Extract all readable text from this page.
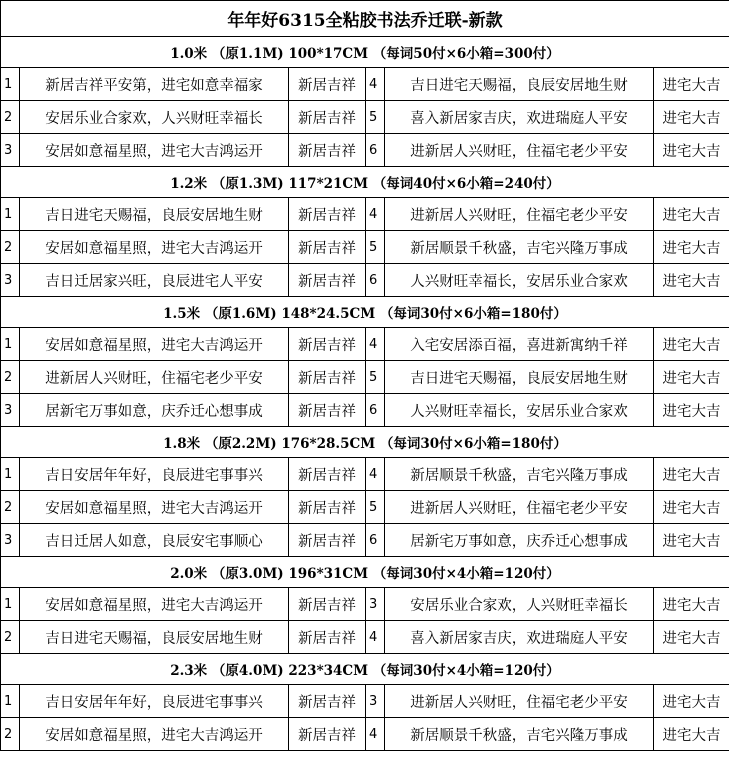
年年好6315全粘胶书法乔迁联-新款					
1.0米 （原1.1M) 100*17CM （每词50付×6小箱=300付）					
1	新居吉祥平安第，进宅如意幸福家	新居吉祥	4	吉日进宅天赐福，良辰安居地生财	进宅大吉
2	安居乐业合家欢，人兴财旺幸福长	新居吉祥	5	喜入新居家吉庆，欢进瑞庭人平安	进宅大吉
3	安居如意福星照，进宅大吉鸿运开	新居吉祥	6	进新居人兴财旺，住福宅老少平安	进宅大吉
1.2米 （原1.3M) 117*21CM （每词40付×6小箱=240付）					
1	吉日进宅天赐福，良辰安居地生财	新居吉祥	4	进新居人兴财旺，住福宅老少平安	进宅大吉
2	安居如意福星照，进宅大吉鸿运开	新居吉祥	5	新居顺景千秋盛，吉宅兴隆万事成	进宅大吉
3	吉日迁居家兴旺，良辰进宅人平安	新居吉祥	6	人兴财旺幸福长，安居乐业合家欢	进宅大吉
1.5米 （原1.6M) 148*24.5CM （每词30付×6小箱=180付）					
1	安居如意福星照，进宅大吉鸿运开	新居吉祥	4	入宅安居添百福，喜进新寓纳千祥	进宅大吉
2	进新居人兴财旺，住福宅老少平安	新居吉祥	5	吉日进宅天赐福，良辰安居地生财	进宅大吉
3	居新宅万事如意，庆乔迁心想事成	新居吉祥	6	人兴财旺幸福长，安居乐业合家欢	进宅大吉
1.8米 （原2.2M) 176*28.5CM （每词30付×6小箱=180付）					
1	吉日安居年年好，良辰进宅事事兴	新居吉祥	4	新居顺景千秋盛，吉宅兴隆万事成	进宅大吉
2	安居如意福星照，进宅大吉鸿运开	新居吉祥	5	进新居人兴财旺，住福宅老少平安	进宅大吉
3	吉日迁居人如意，良辰安宅事顺心	新居吉祥	6	居新宅万事如意，庆乔迁心想事成	进宅大吉
2.0米 （原3.0M) 196*31CM （每词30付×4小箱=120付）					
1	安居如意福星照，进宅大吉鸿运开	新居吉祥	3	安居乐业合家欢，人兴财旺幸福长	进宅大吉
2	吉日进宅天赐福，良辰安居地生财	新居吉祥	4	喜入新居家吉庆，欢进瑞庭人平安	进宅大吉
2.3米 （原4.0M) 223*34CM （每词30付×4小箱=120付）					
1	吉日安居年年好，良辰进宅事事兴	新居吉祥	3	进新居人兴财旺，住福宅老少平安	进宅大吉
2	安居如意福星照，进宅大吉鸿运开	新居吉祥	4	新居顺景千秋盛，吉宅兴隆万事成	进宅大吉
